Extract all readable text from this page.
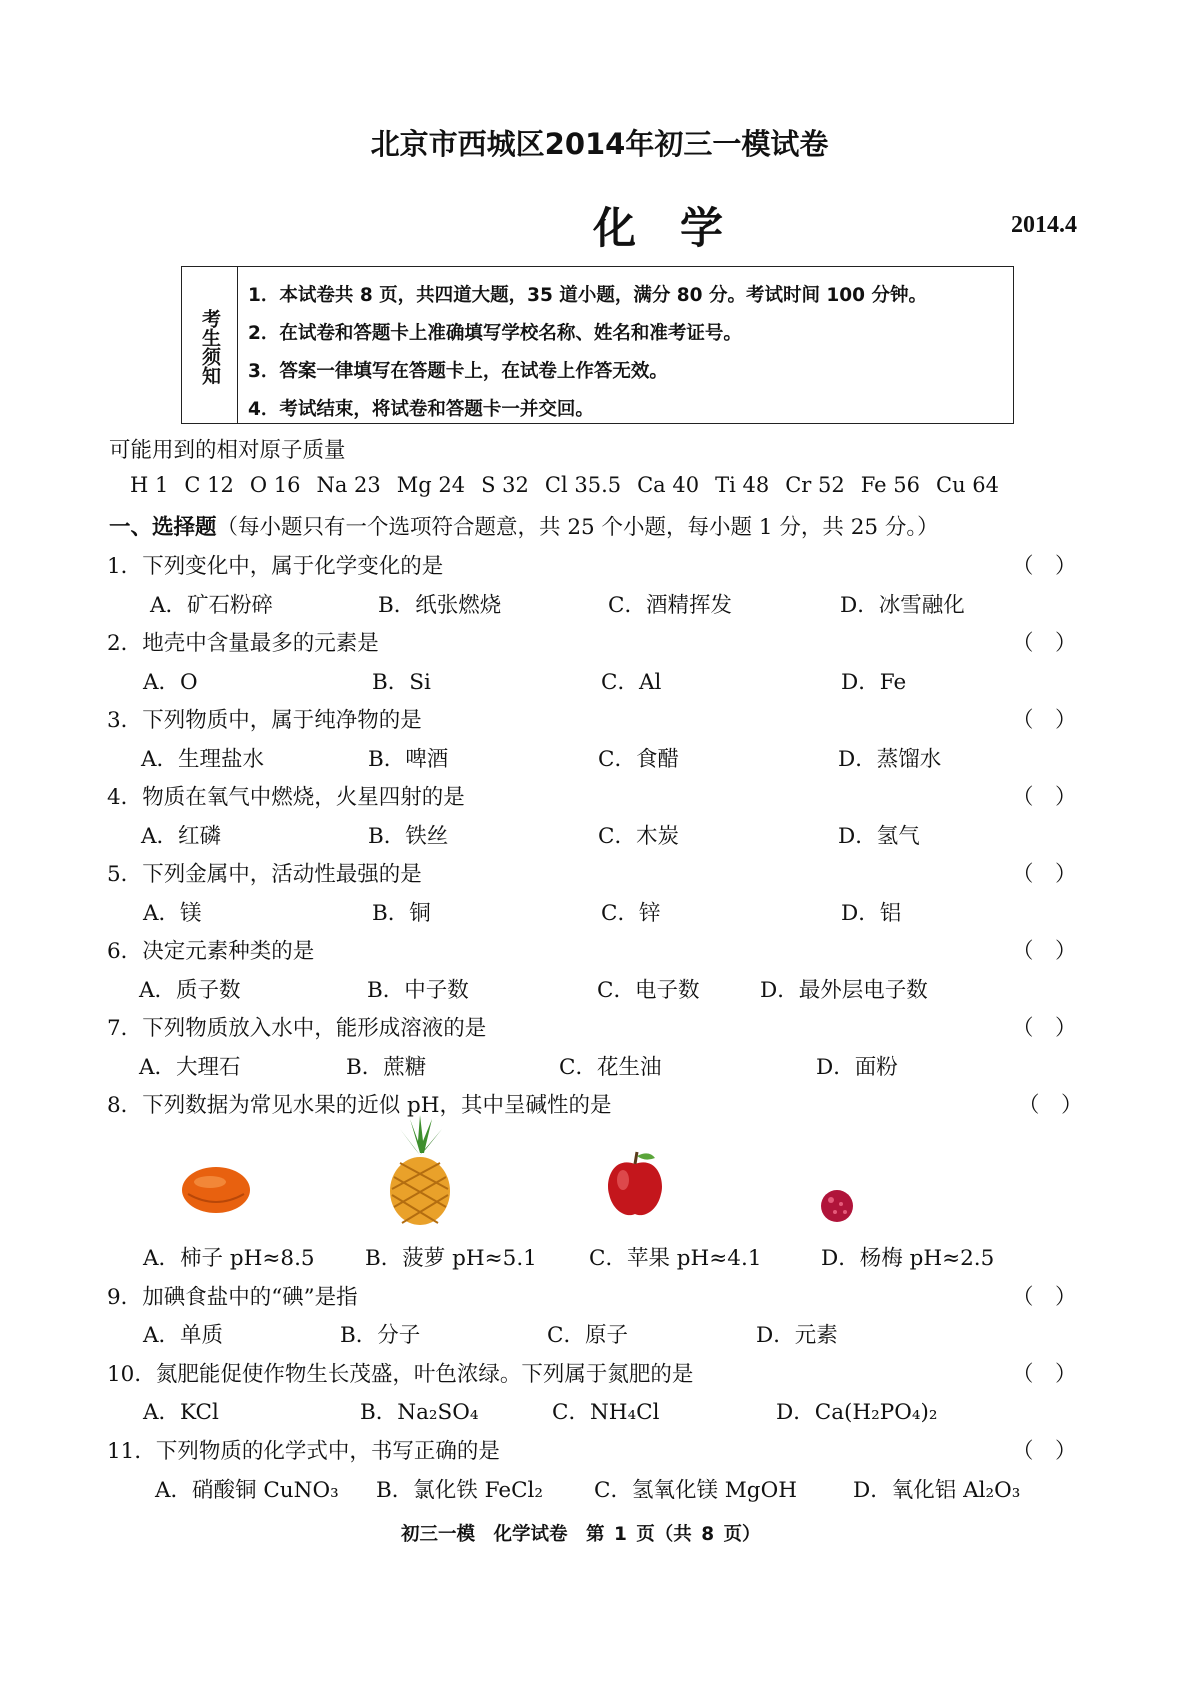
北京市西城区2014年初三一模试卷
化学	2014.4
考生须知
1．本试卷共 8 页，共四道大题，35 道小题，满分 80 分。考试时间 100 分钟。
2．在试卷和答题卡上准确填写学校名称、姓名和准考证号。
3．答案一律填写在答题卡上，在试卷上作答无效。
4．考试结束，将试卷和答题卡一并交回。
可能用到的相对原子质量
H 1 C 12 O 16 Na 23 Mg 24 S 32 Cl 35.5 Ca 40 Ti 48 Cr 52 Fe 56 Cu 64
一、选择题（每小题只有一个选项符合题意，共 25 个小题，每小题 1 分，共 25 分。）
1．下列变化中，属于化学变化的是	（　）
A．矿石粉碎	B．纸张燃烧	C．酒精挥发	D．冰雪融化
2．地壳中含量最多的元素是	（　）
A．O	B．Si	C．Al	D．Fe
3．下列物质中，属于纯净物的是	（　）
A．生理盐水	B．啤酒	C．食醋	D．蒸馏水
4．物质在氧气中燃烧，火星四射的是	（　）
A．红磷	B．铁丝	C．木炭	D．氢气
5．下列金属中，活动性最强的是	（　）
A．镁	B．铜	C．锌	D．铝
6．决定元素种类的是	（　）
A．质子数	B．中子数	C．电子数	D．最外层电子数
7．下列物质放入水中，能形成溶液的是	（　）
A．大理石	B．蔗糖	C．花生油	D．面粉
8．下列数据为常见水果的近似 pH，其中呈碱性的是	（　）
A．柿子 pH≈8.5 B．菠萝 pH≈5.1 C．苹果 pH≈4.1	D．杨梅 pH≈2.5
9．加碘食盐中的“碘”是指	（　）
A．单质	B．分子	C．原子	D．元素
10．氮肥能促使作物生长茂盛，叶色浓绿。下列属于氮肥的是	（　）
A．KCl	B．Na₂SO₄	C．NH₄Cl	D．Ca(H₂PO₄)₂
11．下列物质的化学式中，书写正确的是	（　）
A．硝酸铜 CuNO₃ B．氯化铁 FeCl₂ C．氢氧化镁 MgOH	D．氧化铝 Al₂O₃
初三一模　化学试卷　第 1 页（共 8 页）
